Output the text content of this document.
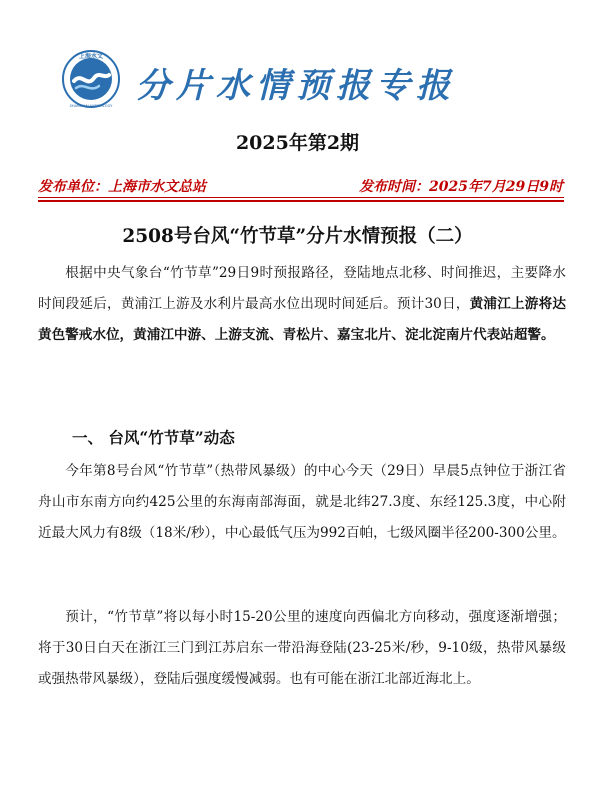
上海水文
SHANGHAI HYDROLOGY 分片水情预报专报
2025年第2期
发布单位：上海市水文总站	发布时间：2025年7月29日9时
2508号台风“竹节草”分片水情预报（二）

根据中央气象台“竹节草”29日9时预报路径，登陆地点北移、时间推迟，主要降水时间段延后，黄浦江上游及水利片最高水位出现时间延后。预计30日，黄浦江上游将达黄色警戒水位，黄浦江中游、上游支流、青松片、嘉宝北片、淀北淀南片代表站超警。

一、 台风“竹节草”动态

今年第8号台风“竹节草”（热带风暴级）的中心今天（29日）早晨5点钟位于浙江省舟山市东南方向约425公里的东海南部海面，就是北纬27.3度、东经125.3度，中心附近最大风力有8级（18米/秒），中心最低气压为992百帕，七级风圈半径200-300公里。

预计，“竹节草”将以每小时15-20公里的速度向西偏北方向移动，强度逐渐增强；将于30日白天在浙江三门到江苏启东一带沿海登陆(23-25米/秒，9-10级，热带风暴级或强热带风暴级），登陆后强度缓慢减弱。也有可能在浙江北部近海北上。
